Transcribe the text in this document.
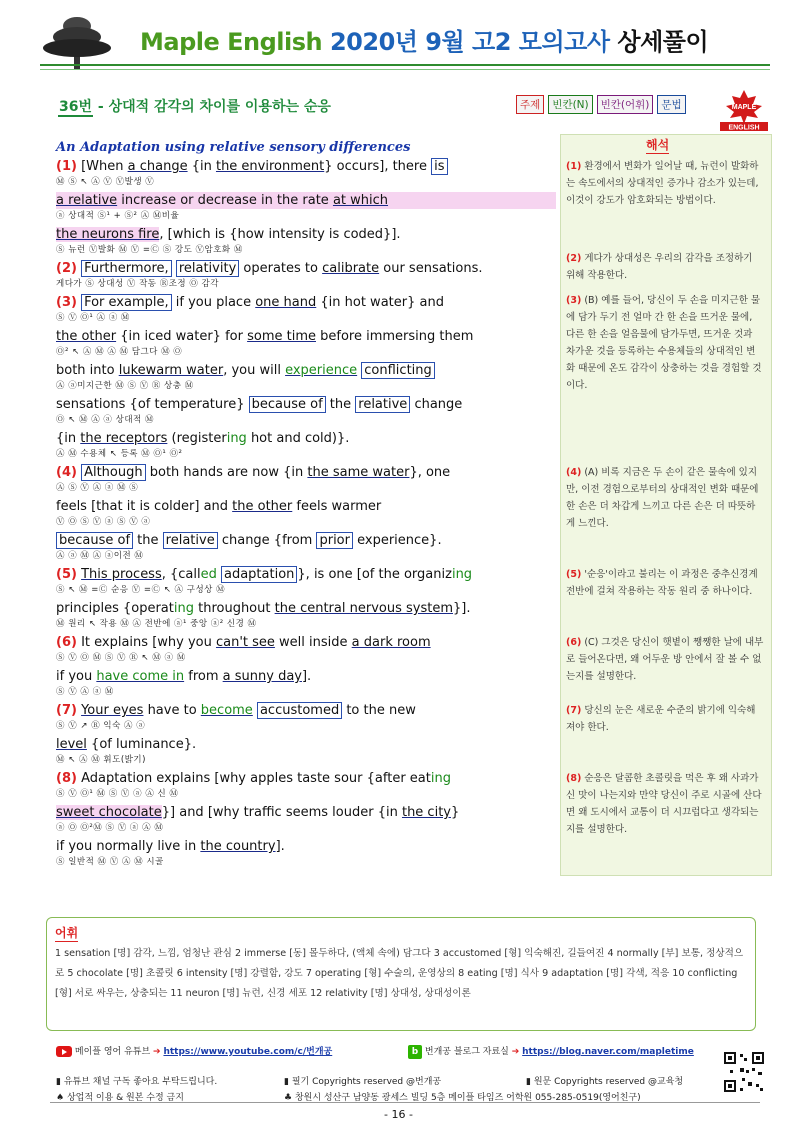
Maple English 2020년 9월 고2 모의고사 상세풀이
36번 - 상대적 감각의 차이를 이용하는 순응	주제	빈칸(N)	빈칸(어휘)	문법	MAPLE
ENGLISH
An Adaptation using relative sensory differences
(1) [When a change {in the environment} occurs], there is
Ⓜ Ⓢ ↖ Ⓐ Ⓥ Ⓥ발생 Ⓥ
a relative increase or decrease in the rate at which
ⓐ 상대적 Ⓢ¹ + Ⓢ² Ⓐ Ⓜ비율
the neurons fire, [which is {how intensity is coded}].
Ⓢ 뉴런 Ⓥ발화 Ⓜ Ⓥ =Ⓒ Ⓢ 강도 Ⓥ암호화 Ⓜ
(2) Furthermore, relativity operates to calibrate our sensations.
게다가 Ⓢ 상대성 Ⓥ 작동 Ⓡ조정 Ⓞ 감각
(3) For example, if you place one hand {in hot water} and
Ⓢ Ⓥ Ⓞ¹ Ⓐ ⓐ Ⓜ
the other {in iced water} for some time before immersing them
Ⓞ² ↖ Ⓐ Ⓜ Ⓐ Ⓜ 담그다 Ⓜ Ⓞ
both into lukewarm water, you will experience conflicting
Ⓐ ⓐ미지근한 Ⓜ Ⓢ Ⓥ Ⓡ 상충 Ⓜ
sensations {of temperature} because of the relative change
Ⓞ ↖ Ⓜ Ⓐ ⓐ 상대적 Ⓜ
{in the receptors (registering hot and cold)}.
Ⓐ Ⓜ 수용체 ↖ 등록 Ⓜ Ⓞ¹ Ⓞ²
(4) Although both hands are now {in the same water}, one
Ⓐ Ⓢ Ⓥ Ⓐ ⓐ Ⓜ Ⓢ
feels [that it is colder] and the other feels warmer
Ⓥ Ⓞ Ⓢ Ⓥ ⓐ Ⓢ Ⓥ ⓐ
because of the relative change {from prior experience}.
Ⓐ ⓐ Ⓜ Ⓐ ⓐ이전 Ⓜ
(5) This process, {called adaptation }, is one [of the organizing
Ⓢ ↖ Ⓜ =Ⓒ 순응 Ⓥ =Ⓒ ↖ Ⓐ 구성상 Ⓜ
principles {operating throughout the central nervous system}].
Ⓜ 원리 ↖ 작용 Ⓜ Ⓐ 전반에 ⓐ¹ 중앙 ⓐ² 신경 Ⓜ
(6) It explains [why you can't see well inside a dark room
Ⓢ Ⓥ Ⓞ Ⓜ Ⓢ Ⓥ Ⓡ ↖ Ⓜ ⓐ Ⓜ
if you have come in from a sunny day].
Ⓢ Ⓥ Ⓐ ⓐ Ⓜ
(7) Your eyes have to become accustomed to the new
Ⓢ Ⓥ ↗ Ⓡ 익숙 Ⓐ ⓐ
level {of luminance}.
Ⓜ ↖ Ⓐ Ⓜ 휘도(밝기)
(8) Adaptation explains [why apples taste sour {after eating
Ⓢ Ⓥ Ⓞ¹ Ⓜ Ⓢ Ⓥ ⓐ Ⓐ 신 Ⓜ
sweet chocolate}] and [why traffic seems louder {in the city}
ⓐ Ⓞ Ⓞ²Ⓜ Ⓢ Ⓥ ⓐ Ⓐ Ⓜ
if you normally live in the country].
Ⓢ 일반적 Ⓜ Ⓥ Ⓐ Ⓜ 시골
해석
(1) 환경에서 변화가 일어날 때, 뉴런이 발화하는 속도에서의 상대적인 증가나 감소가 있는데, 이것이 강도가 암호화되는 방법이다.
(2) 게다가 상대성은 우리의 감각을 조정하기 위해 작용한다.
(3) (B) 예를 들어, 당신이 두 손을 미지근한 물에 담가 두기 전 얼마 간 한 손을 뜨거운 물에, 다른 한 손을 얼음물에 담가두면, 뜨거운 것과 차가운 것을 등록하는 수용체들의 상대적인 변화 때문에 온도 감각이 상충하는 것을 경험할 것이다.
(4) (A) 비록 지금은 두 손이 같은 물속에 있지만, 이전 경험으로부터의 상대적인 변화 때문에 한 손은 더 차갑게 느끼고 다른 손은 더 따뜻하게 느낀다.
(5) '순응'이라고 불리는 이 과정은 중추신경계 전반에 걸쳐 작용하는 작동 원리 중 하나이다.
(6) (C) 그것은 당신이 햇볕이 쨍쨍한 날에 내부로 들어온다면, 왜 어두운 방 안에서 잘 볼 수 없는지를 설명한다.
(7) 당신의 눈은 새로운 수준의 밝기에 익숙해져야 한다.
(8) 순응은 달콤한 초콜릿을 먹은 후 왜 사과가 신 맛이 나는지와 만약 당신이 주로 시골에 산다면 왜 도시에서 교통이 더 시끄럽다고 생각되는지를 설명한다.
어휘
1 sensation [명] 감각, 느낌, 엄청난 관심 2 immerse [동] 몰두하다, (액체 속에) 담그다 3 accustomed [형] 익숙해진, 길들여진 4 normally [부] 보통, 정상적으로 5 chocolate [명] 초콜릿 6 intensity [명] 강렬함, 강도 7 operating [형] 수술의, 운영상의 8 eating [명] 식사 9 adaptation [명] 각색, 적응 10 conflicting [형] 서로 싸우는, 상충되는 11 neuron [명] 뉴런, 신경 세포 12 relativity [명] 상대성, 상대성이론
메이플 영어 유튜브 ➔ https://www.youtube.com/c/번개공	b 번개공 블로그 자료실 ➔ https://blog.naver.com/mapletime
▮ 유튜브 채널 구독 좋아요 부탁드립니다.	▮ 필기 Copyrights reserved @번개공	▮ 원문 Copyrights reserved @교육청
♠ 상업적 이용 & 원본 수정 금지	♣ 창원시 성산구 남양동 광세스 빌딩 5층 메이플 타임즈 어학원 055-285-0519(영어친구)
- 16 -
